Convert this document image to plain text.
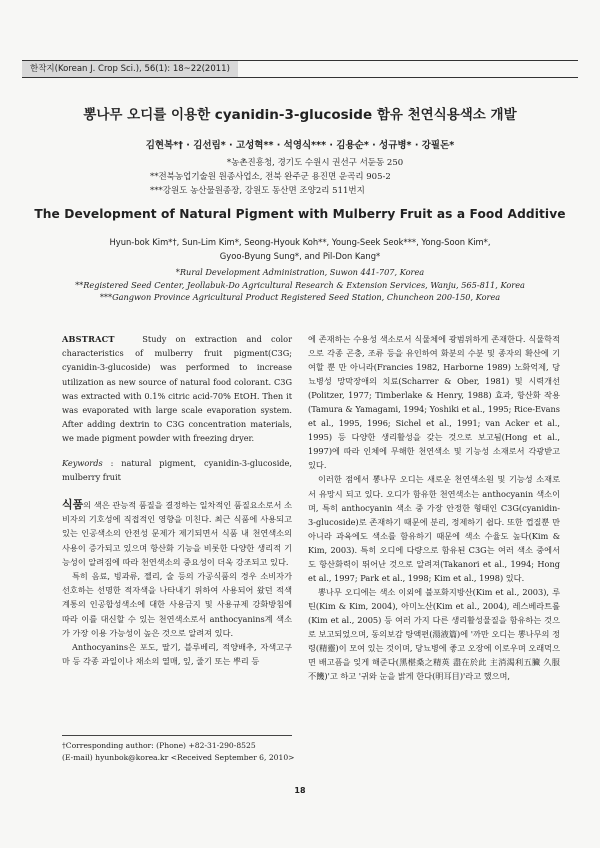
한작지(Korean J. Crop Sci.), 56(1): 18~22(2011)
뽕나무 오디를 이용한 cyanidin-3-glucoside 함유 천연식용색소 개발
김현복*† · 김선림* · 고성혁** · 석영식*** · 김용순* · 성규병* · 강필돈*
*농촌진흥청, 경기도 수원시 권선구 서둔동 250
**전북농업기술원 원종사업소, 전북 완주군 용진면 운곡리 905-2
***강원도 농산물원종장, 강원도 동산면 조양2리 511번지
The Development of Natural Pigment with Mulberry Fruit as a Food Additive
Hyun-bok Kim*†, Sun-Lim Kim*, Seong-Hyouk Koh**, Young-Seek Seok***, Yong-Soon Kim*,
Gyoo-Byung Sung*, and Pil-Don Kang*
*Rural Development Administration, Suwon 441-707, Korea
**Registered Seed Center, Jeollabuk-Do Agricultural Research & Extension Services, Wanju, 565-811, Korea
***Gangwon Province Agricultural Product Registered Seed Station, Chuncheon 200-150, Korea

ABSTRACT	Study on extraction and color characteristics of mulberry fruit pigment(C3G; cyanidin-3-glucoside) was performed to increase utilization as new source of natural food colorant. C3G was extracted with 0.1% citric acid-70% EtOH. Then it was evaporated with large scale evaporation system. After adding dextrin to C3G concentration materials, we made pigment powder with freezing dryer.

Keywords : natural pigment, cyanidin-3-glucoside, mulberry fruit

식품의 색은 관능적 품질을 결정하는 일차적인 품질요소로서 소비자의 기호성에 직접적인 영향을 미친다. 최근 식품에 사용되고 있는 인공색소의 안전성 문제가 제기되면서 식품 내 천연색소의 사용이 증가되고 있으며 항산화 기능을 비롯한 다양한 생리적 기능성이 알려짐에 따라 천연색소의 중요성이 더욱 강조되고 있다.

특히 음료, 빙과류, 젤리, 술 등의 가공식품의 경우 소비자가 선호하는 선명한 적자색을 나타내기 위하여 사용되어 왔던 적색계통의 인공합성색소에 대한 사용금지 및 사용규제 강화방침에 따라 이를 대신할 수 있는 천연색소로서 anthocyanins계 색소가 가장 이용 가능성이 높은 것으로 알려져 있다.

Anthocyanins은 포도, 딸기, 블루베리, 적양배추, 자색고구마 등 각종 과일이나 채소의 열매, 잎, 줄기 또는 뿌리 등

에 존재하는 수용성 색소로서 식물체에 광범위하게 존재한다. 식물학적으로 각종 곤충, 조류 등을 유인하여 화분의 수분 및 종자의 확산에 기여할 뿐 만 아니라(Francies 1982, Harborne 1989) 노화억제, 당뇨병성 망막장애의 치료(Scharrer & Ober, 1981) 및 시력개선(Politzer, 1977; Timberlake & Henry, 1988) 효과, 항산화 작용(Tamura & Yamagami, 1994; Yoshiki et al., 1995; Rice-Evans et al., 1995, 1996; Sichel et al., 1991; van Acker et al., 1995) 등 다양한 생리활성을 갖는 것으로 보고됨(Hong et al., 1997)에 따라 인체에 무해한 천연색소 및 기능성 소재로서 각광받고 있다.

이러한 점에서 뽕나무 오디는 새로운 천연색소원 및 기능성 소재로서 유망시 되고 있다. 오디가 함유한 천연색소는 anthocyanin 색소이며, 특히 anthocyanin 색소 중 가장 안정한 형태인 C3G(cyanidin-3-glucoside)로 존재하기 때문에 분리, 정제하기 쉽다. 또한 껍질뿐 만 아니라 과육에도 색소를 함유하기 때문에 색소 수율도 높다(Kim & Kim, 2003). 특히 오디에 다량으로 함유된 C3G는 여러 색소 중에서도 항산화력이 뛰어난 것으로 알려져(Takanori et al., 1994; Hong et al., 1997; Park et al., 1998; Kim et al., 1998) 있다.

뽕나무 오디에는 색소 이외에 불포화지방산(Kim et al., 2003), 루틴(Kim & Kim, 2004), 아미노산(Kim et al., 2004), 레스베라트롤(Kim et al., 2005) 등 여러 가지 다른 생리활성물질을 함유하는 것으로 보고되었으며, 동의보감 탕액편(湯液篇)에 '까만 오디는 뽕나무의 정령(精靈)이 모여 있는 것이며, 당뇨병에 좋고 오장에 이로우며 오래먹으면 배고픔을 잊게 해준다(黑椹桑之精英 盡在於此 主消渴利五臟 久服不饑)'고 하고 '귀와 눈을 밝게 한다(明耳目)'라고 했으며,

†Corresponding author: (Phone) +82-31-290-8525
(E-mail) hyunbok@korea.kr <Received September 6, 2010>
18
